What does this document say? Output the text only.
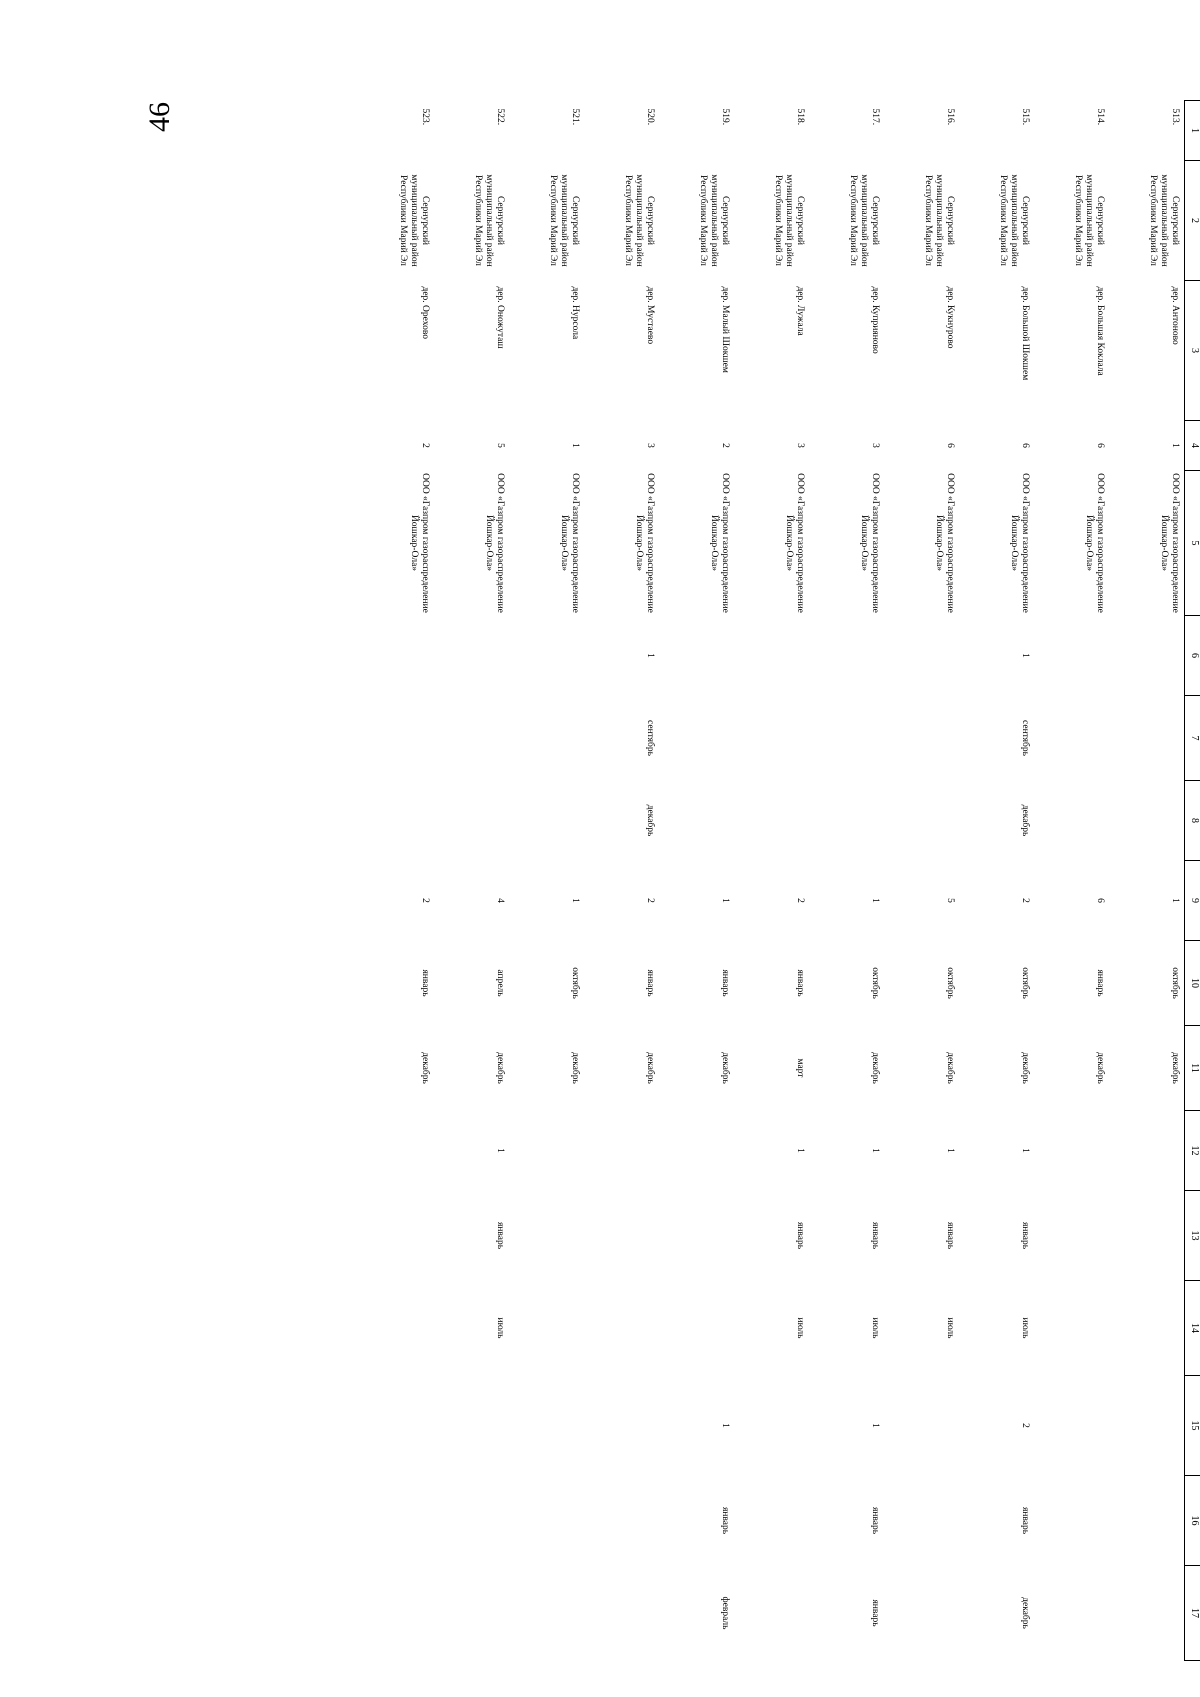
46	1	2	3	4	5	6	7	8	9	10	11	12	13	14	15	16	17
513.	Сернурский муниципальный район Республики Марий Эл	дер. Антоново	1	ООО «Газпром газораспределение Йошкар-Ола»				1	октябрь	декабрь						
514.	Сернурский муниципальный район Республики Марий Эл	дер. Большая Коклала	6	ООО «Газпром газораспределение Йошкар-Ола»				6	январь	декабрь						
515.	Сернурский муниципальный район Республики Марий Эл	дер. Большой Шокшем	6	ООО «Газпром газораспределение Йошкар-Ола»	1	сентябрь	декабрь	2	октябрь	декабрь	1	январь	июль	2	январь	декабрь
516.	Сернурский муниципальный район Республики Марий Эл	дер. Кукнурово	6	ООО «Газпром газораспределение Йошкар-Ола»				5	октябрь	декабрь	1	январь	июль			
517.	Сернурский муниципальный район Республики Марий Эл	дер. Куприяново	3	ООО «Газпром газораспределение Йошкар-Ола»				1	октябрь	декабрь	1	январь	июль	1	январь	январь
518.	Сернурский муниципальный район Республики Марий Эл	дер. Лужала	3	ООО «Газпром газораспределение Йошкар-Ола»				2	январь	март	1	январь	июль			
519.	Сернурский муниципальный район Республики Марий Эл	дер. Малый Шокшем	2	ООО «Газпром газораспределение Йошкар-Ола»				1	январь	декабрь				1	январь	февраль
520.	Сернурский муниципальный район Республики Марий Эл	дер. Мустаево	3	ООО «Газпром газораспределение Йошкар-Ола»	1	сентябрь	декабрь	2	январь	декабрь						
521.	Сернурский муниципальный район Республики Марий Эл	дер. Нурсола	1	ООО «Газпром газораспределение Йошкар-Ола»				1	октябрь	декабрь						
522.	Сернурский муниципальный район Республики Марий Эл	дер. Оножуташ	5	ООО «Газпром газораспределение Йошкар-Ола»				4	апрель	декабрь	1	январь	июль			
523.	Сернурский муниципальный район Республики Марий Эл	дер. Орехово	2	ООО «Газпром газораспределение Йошкар-Ола»				2	январь	декабрь						
